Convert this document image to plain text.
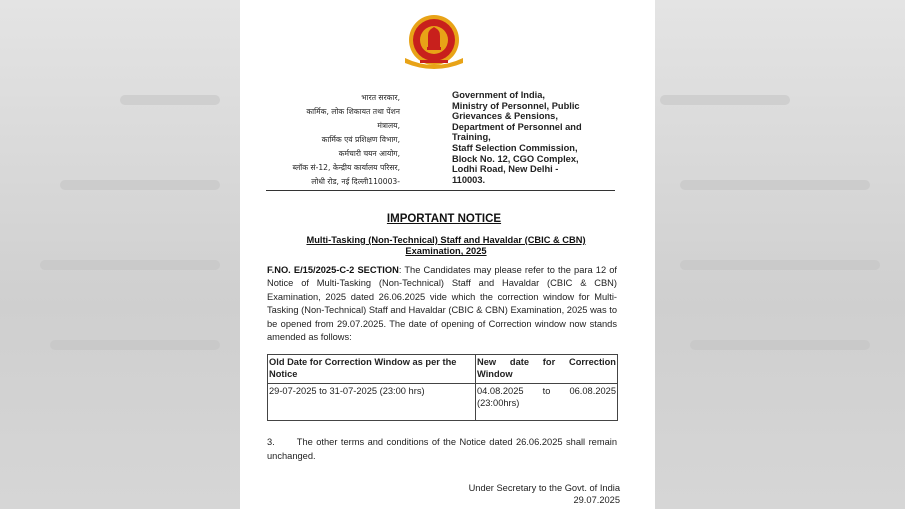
भारत सरकार,
कार्मिक, लोक शिकायत तथा पेंशन
मंत्रालय,
कार्मिक एवं प्रशिक्षण विभाग,
कर्मचारी चयन आयोग,
ब्लॉक सं-12, केन्द्रीय कार्यालय परिसर,
लोधी रोड, नई दिल्ली110003-
Government of India,
Ministry of Personnel, Public
Grievances & Pensions,
Department of Personnel and
Training,
Staff Selection Commission,
Block No. 12, CGO Complex,
Lodhi Road, New Delhi -
110003.
IMPORTANT NOTICE
Multi-Tasking (Non-Technical) Staff and Havaldar (CBIC & CBN)
Examination, 2025
F.NO. E/15/2025-C-2 SECTION: The Candidates may please refer to the para 12 of Notice of Multi-Tasking (Non-Technical) Staff and Havaldar (CBIC & CBN) Examination, 2025 dated 26.06.2025 vide which the correction window for Multi-Tasking (Non-Technical) Staff and Havaldar (CBIC & CBN) Examination, 2025 was to be opened from 29.07.2025. The date of opening of Correction window now stands amended as follows:
Old Date for Correction Window as per the Notice	New date for Correction Window
29-07-2025 to 31-07-2025 (23:00 hrs)	04.08.2025 to 06.08.2025 (23:00hrs)
3. The other terms and conditions of the Notice dated 26.06.2025 shall remain unchanged.
Under Secretary to the Govt. of India
29.07.2025
